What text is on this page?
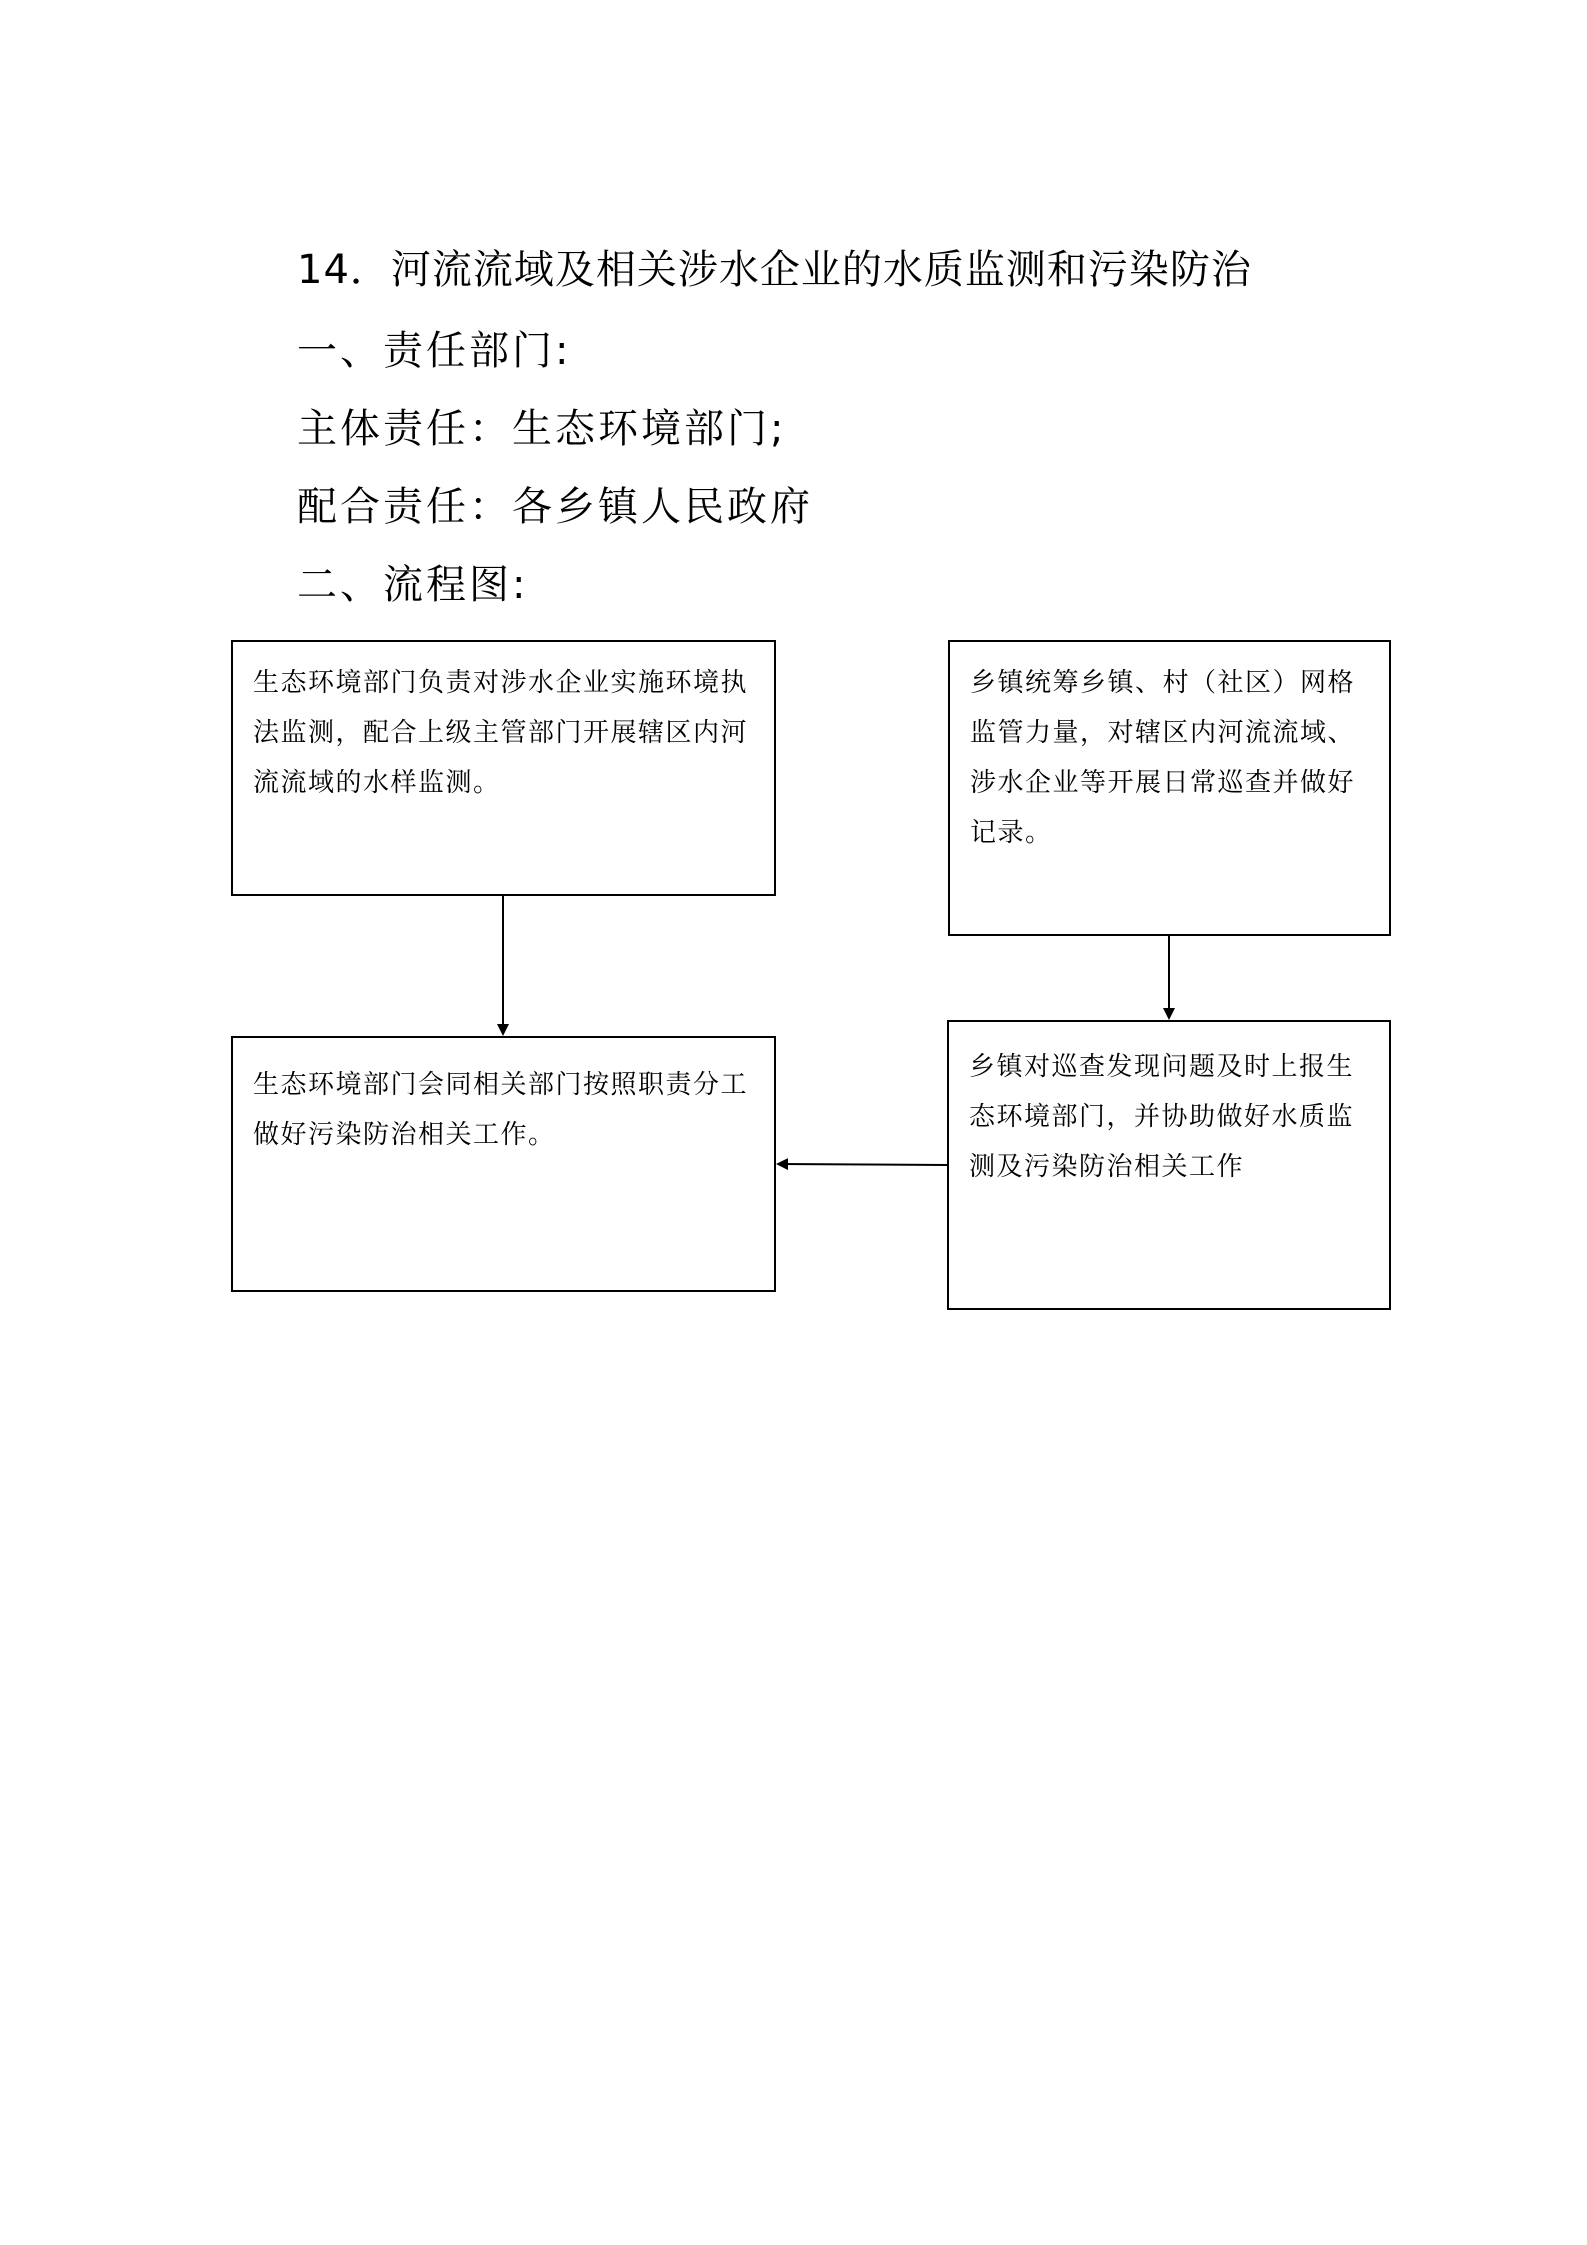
14．河流流域及相关涉水企业的水质监测和污染防治
一、责任部门:
主体责任：生态环境部门;
配合责任：各乡镇人民政府
二、流程图:
生态环境部门负责对涉水企业实施环境执法监测，配合上级主管部门开展辖区内河流流域的水样监测。
乡镇统筹乡镇、村（社区）网格监管力量，对辖区内河流流域、涉水企业等开展日常巡查并做好记录。
生态环境部门会同相关部门按照职责分工做好污染防治相关工作。
乡镇对巡查发现问题及时上报生态环境部门，并协助做好水质监测及污染防治相关工作
